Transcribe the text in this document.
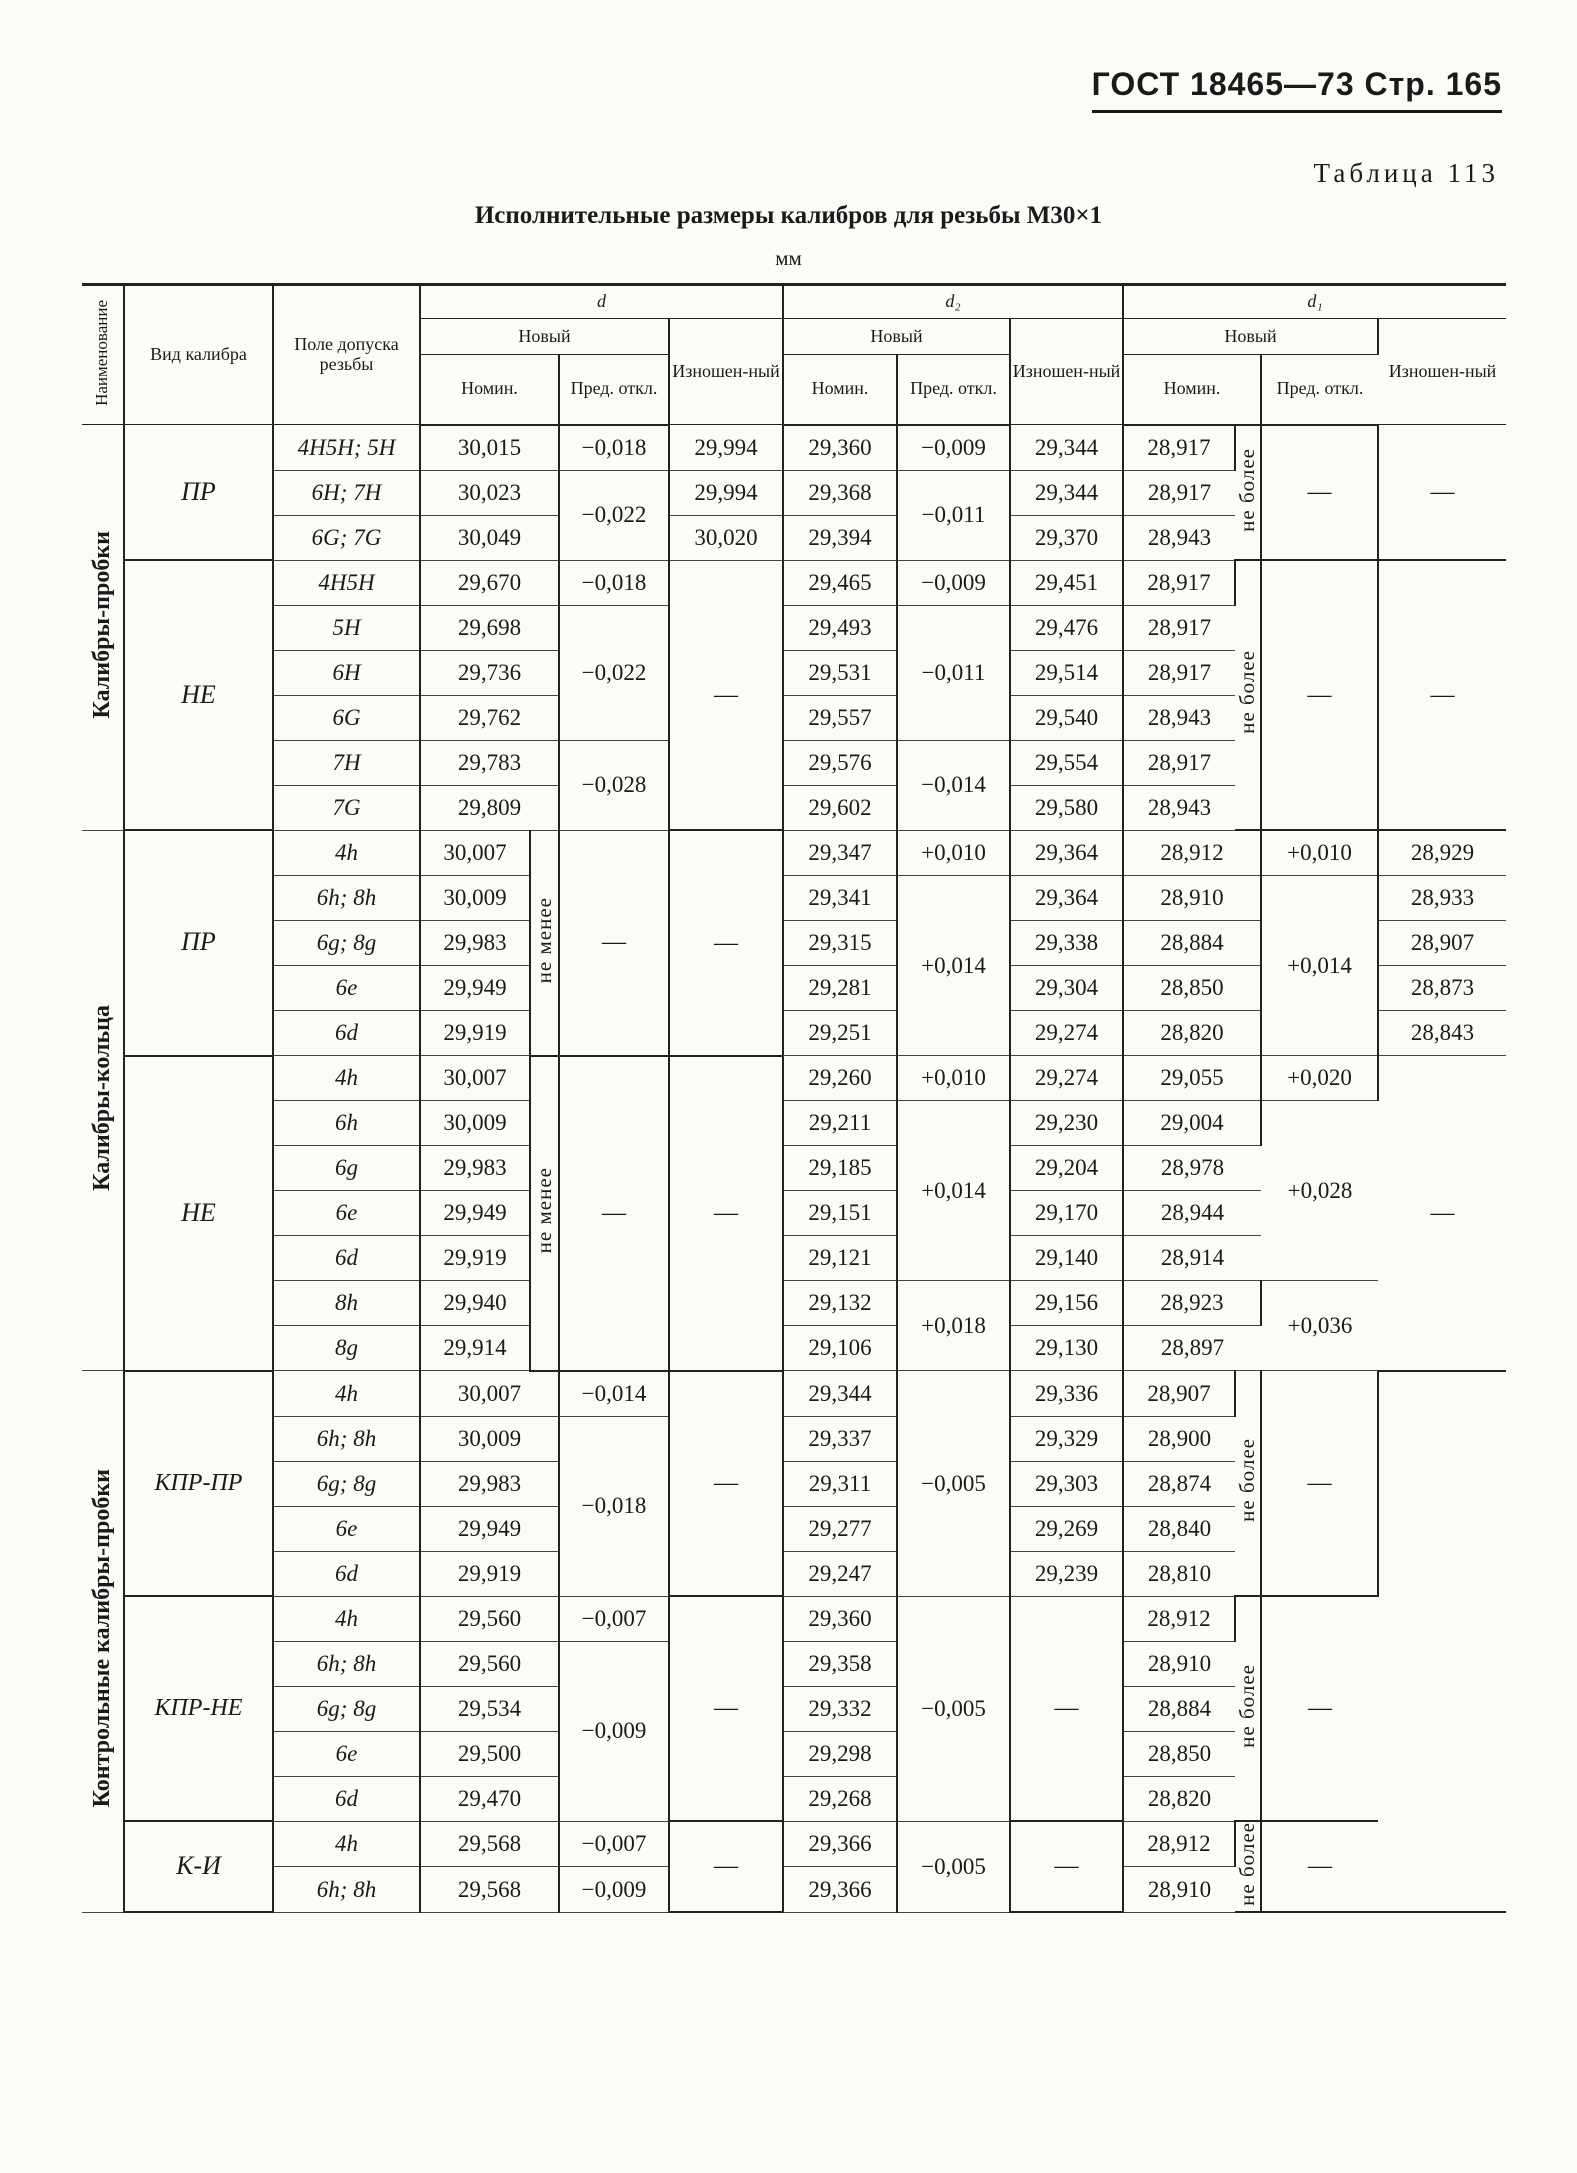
ГОСТ 18465—73 Стр. 165
Таблица 113
Исполнительные размеры калибров для резьбы М30×1
мм
Наименование	Вид калибра	Поле допуска резьбы	d				d₂			d₁			
			Новый			Изношен-ный	Новый		Изношен-ный	Новый			Изношен-ный
			Номин.		Пред. откл.		Номин.	Пред. откл.		Номин.		Пред. откл.	
Калибры-пробки	ПР	4H5H; 5H	30,015		−0,018	29,994	29,360	−0,009	29,344	28,917	не более	—	—
		6H; 7H	30,023		−0,022	29,994	29,368	−0,011	29,344	28,917			
		6G; 7G	30,049			30,020	29,394		29,370	28,943			
	НЕ	4H5H	29,670		−0,018	—	29,465	−0,009	29,451	28,917	не более	—	—
		5H	29,698		−0,022		29,493	−0,011	29,476	28,917			
		6H	29,736				29,531		29,514	28,917			
		6G	29,762				29,557		29,540	28,943			
		7H	29,783		−0,028		29,576	−0,014	29,554	28,917			
		7G	29,809				29,602		29,580	28,943			
Калибры-кольца	ПР	4h	30,007	не менее	—	—	29,347	+0,010	29,364	28,912		+0,010	28,929
		6h; 8h	30,009				29,341	+0,014	29,364	28,910		+0,014	28,933
		6g; 8g	29,983				29,315		29,338	28,884			28,907
		6e	29,949				29,281		29,304	28,850			28,873
		6d	29,919				29,251		29,274	28,820			28,843
	НЕ	4h	30,007	не менее	—	—	29,260	+0,010	29,274	29,055		+0,020	—
		6h	30,009				29,211	+0,014	29,230	29,004		+0,028	
		6g	29,983				29,185		29,204	28,978			
		6e	29,949				29,151		29,170	28,944			
		6d	29,919				29,121		29,140	28,914			
		8h	29,940				29,132	+0,018	29,156	28,923		+0,036	
		8g	29,914				29,106		29,130	28,897			
Контрольные калибры-пробки	КПР-ПР	4h	30,007		−0,014	—	29,344	−0,005	29,336	28,907	не более	—	
		6h; 8h	30,009		−0,018		29,337		29,329	28,900			
		6g; 8g	29,983				29,311		29,303	28,874			
		6e	29,949				29,277		29,269	28,840			
		6d	29,919				29,247		29,239	28,810			
	КПР-НЕ	4h	29,560		−0,007	—	29,360	−0,005	—	28,912	не более	—	
		6h; 8h	29,560		−0,009		29,358			28,910			
		6g; 8g	29,534				29,332			28,884			
		6e	29,500				29,298			28,850			
		6d	29,470				29,268			28,820			
	К-И	4h	29,568		−0,007	—	29,366	−0,005	—	28,912	не более	—	
		6h; 8h	29,568		−0,009		29,366			28,910			
